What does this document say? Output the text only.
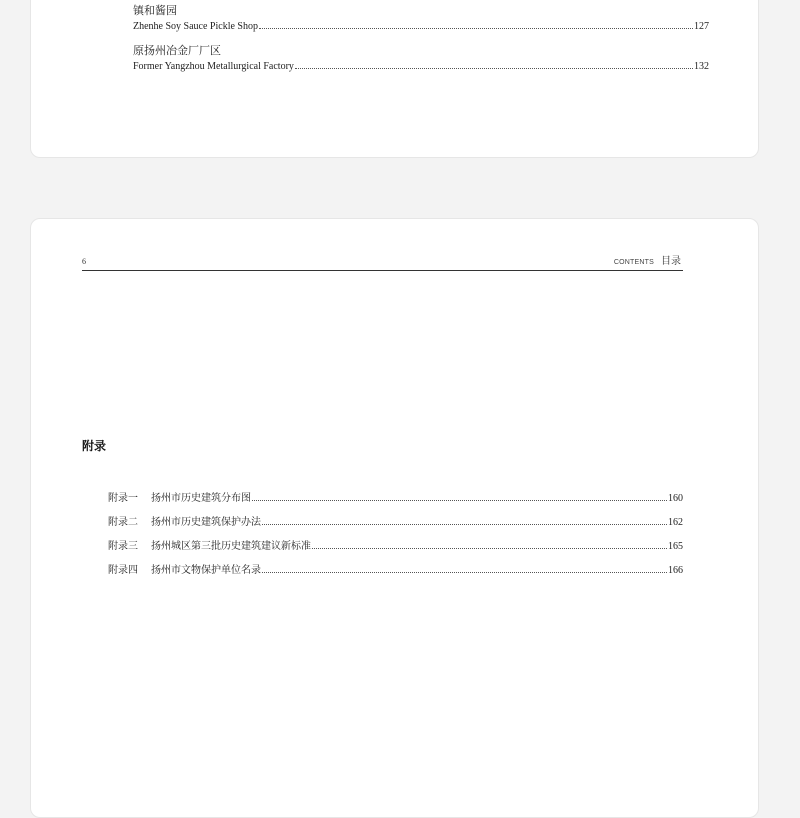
镇和酱园
Zhenhe Soy Sauce Pickle Shop	127
原扬州冶金厂厂区
Former Yangzhou Metallurgical Factory	132
6	CONTENTS 目录
附录
附录一	扬州市历史建筑分布图	160
附录二	扬州市历史建筑保护办法	162
附录三	扬州城区第三批历史建筑建议新标准	165
附录四	扬州市文物保护单位名录	166
